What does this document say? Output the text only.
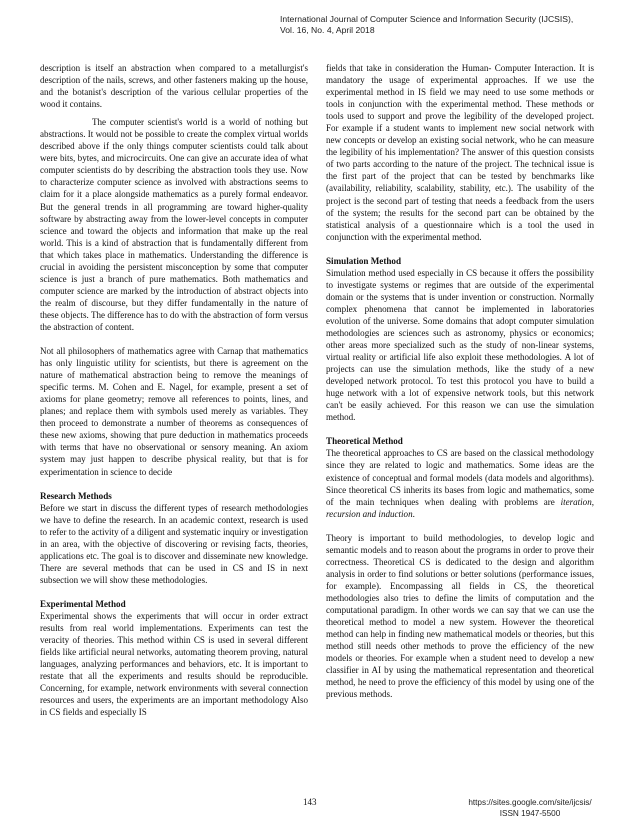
International Journal of Computer Science and Information Security (IJCSIS),
Vol. 16, No. 4, April 2018

description is itself an abstraction when compared to a metallurgist's description of the nails, screws, and other fasteners making up the house, and the botanist's description of the various cellular properties of the wood it contains.

The computer scientist's world is a world of nothing but abstractions. It would not be possible to create the complex virtual worlds described above if the only things computer scientists could talk about were bits, bytes, and microcircuits. One can give an accurate idea of what computer scientists do by describing the abstraction tools they use. Now to characterize computer science as involved with abstractions seems to claim for it a place alongside mathematics as a purely formal endeavor. But the general trends in all programming are toward higher-quality software by abstracting away from the lower-level concepts in computer science and toward the objects and information that make up the real world. This is a kind of abstraction that is fundamentally different from that which takes place in mathematics. Understanding the difference is crucial in avoiding the persistent misconception by some that computer science is just a branch of pure mathematics. Both mathematics and computer science are marked by the introduction of abstract objects into the realm of discourse, but they differ fundamentally in the nature of these objects. The difference has to do with the abstraction of form versus the abstraction of content.

Not all philosophers of mathematics agree with Carnap that mathematics has only linguistic utility for scientists, but there is agreement on the nature of mathematical abstraction being to remove the meanings of specific terms. M. Cohen and E. Nagel, for example, present a set of axioms for plane geometry; remove all references to points, lines, and planes; and replace them with symbols used merely as variables. They then proceed to demonstrate a number of theorems as consequences of these new axioms, showing that pure deduction in mathematics proceeds with terms that have no observational or sensory meaning. An axiom system may just happen to describe physical reality, but that is for experimentation in science to decide

Research Methods

Before we start in discuss the different types of research methodologies we have to define the research. In an academic context, research is used to refer to the activity of a diligent and systematic inquiry or investigation in an area, with the objective of discovering or revising facts, theories, applications etc. The goal is to discover and disseminate new knowledge. There are several methods that can be used in CS and IS in next subsection we will show these methodologies.

Experimental Method

Experimental shows the experiments that will occur in order extract results from real world implementations. Experiments can test the veracity of theories. This method within CS is used in several different fields like artificial neural networks, automating theorem proving, natural languages, analyzing performances and behaviors, etc. It is important to restate that all the experiments and results should be reproducible. Concerning, for example, network environments with several connection resources and users, the experiments are an important methodology Also in CS fields and especially IS

fields that take in consideration the Human- Computer Interaction. It is mandatory the usage of experimental approaches. If we use the experimental method in IS field we may need to use some methods or tools in conjunction with the experimental method. These methods or tools used to support and prove the legibility of the developed project. For example if a student wants to implement new social network with new concepts or develop an existing social network, who he can measure the legibility of his implementation? The answer of this question consists of two parts according to the nature of the project. The technical issue is the first part of the project that can be tested by benchmarks like (availability, reliability, scalability, stability, etc.). The usability of the project is the second part of testing that needs a feedback from the users of the system; the results for the second part can be obtained by the statistical analysis of a questionnaire which is a tool the used in conjunction with the experimental method.

Simulation Method

Simulation method used especially in CS because it offers the possibility to investigate systems or regimes that are outside of the experimental domain or the systems that is under invention or construction. Normally complex phenomena that cannot be implemented in laboratories evolution of the universe. Some domains that adopt computer simulation methodologies are sciences such as astronomy, physics or economics; other areas more specialized such as the study of non-linear systems, virtual reality or artificial life also exploit these methodologies. A lot of projects can use the simulation methods, like the study of a new developed network protocol. To test this protocol you have to build a huge network with a lot of expensive network tools, but this network can't be easily achieved. For this reason we can use the simulation method.

Theoretical Method

The theoretical approaches to CS are based on the classical methodology since they are related to logic and mathematics. Some ideas are the existence of conceptual and formal models (data models and algorithms). Since theoretical CS inherits its bases from logic and mathematics, some of the main techniques when dealing with problems are iteration, recursion and induction.

Theory is important to build methodologies, to develop logic and semantic models and to reason about the programs in order to prove their correctness. Theoretical CS is dedicated to the design and algorithm analysis in order to find solutions or better solutions (performance issues, for example). Encompassing all fields in CS, the theoretical methodologies also tries to define the limits of computation and the computational paradigm. In other words we can say that we can use the theoretical method to model a new system. However the theoretical method can help in finding new mathematical models or theories, but this method still needs other methods to prove the efficiency of the new models or theories. For example when a student need to develop a new classifier in AI by using the mathematical representation and theoretical method, he need to prove the efficiency of this model by using one of the previous methods.

143	https://sites.google.com/site/ijcsis/
ISSN 1947-5500
